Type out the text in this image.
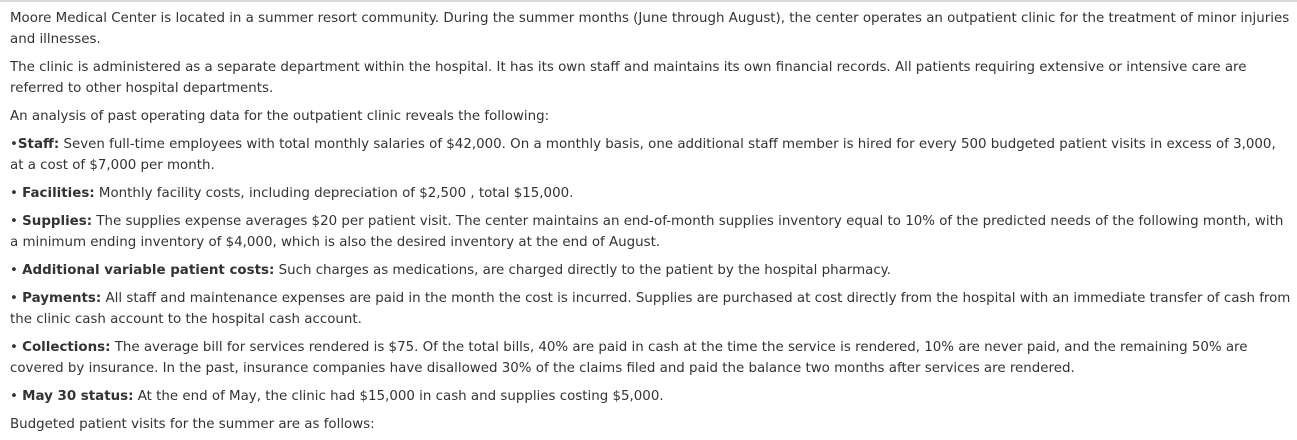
Moore Medical Center is located in a summer resort community. During the summer months (June through August), the center operates an outpatient clinic for the treatment of minor injuries and illnesses.

The clinic is administered as a separate department within the hospital. It has its own staff and maintains its own financial records. All patients requiring extensive or intensive care are referred to other hospital departments.

An analysis of past operating data for the outpatient clinic reveals the following:

•Staff: Seven full-time employees with total monthly salaries of $42,000. On a monthly basis, one additional staff member is hired for every 500 budgeted patient visits in excess of 3,000, at a cost of $7,000 per month.

• Facilities: Monthly facility costs, including depreciation of $2,500 , total $15,000.

• Supplies: The supplies expense averages $20 per patient visit. The center maintains an end-of-month supplies inventory equal to 10% of the predicted needs of the following month, with a minimum ending inventory of $4,000, which is also the desired inventory at the end of August.

• Additional variable patient costs: Such charges as medications, are charged directly to the patient by the hospital pharmacy.

• Payments: All staff and maintenance expenses are paid in the month the cost is incurred. Supplies are purchased at cost directly from the hospital with an immediate transfer of cash from the clinic cash account to the hospital cash account.

• Collections: The average bill for services rendered is $75. Of the total bills, 40% are paid in cash at the time the service is rendered, 10% are never paid, and the remaining 50% are covered by insurance. In the past, insurance companies have disallowed 30% of the claims filed and paid the balance two months after services are rendered.

• May 30 status: At the end of May, the clinic had $15,000 in cash and supplies costing $5,000.

Budgeted patient visits for the summer are as follows:
